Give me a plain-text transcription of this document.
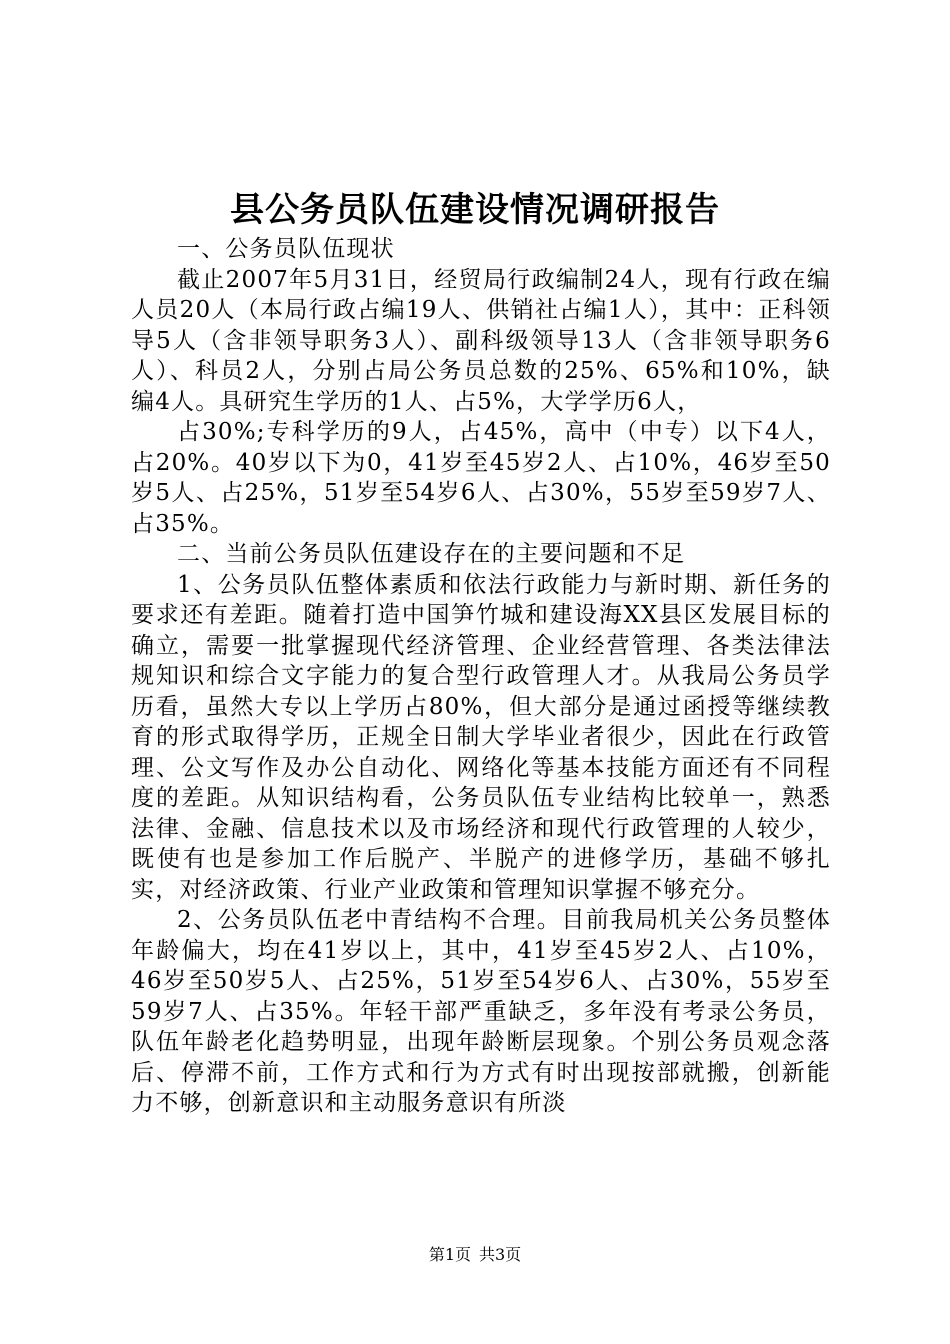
县公务员队伍建设情况调研报告

一、公务员队伍现状

截止2007年5月31日，经贸局行政编制24人，现有行政在编人员20人（本局行政占编19人、供销社占编1人），其中：正科领导5人（含非领导职务3人）、副科级领导13人（含非领导职务6人）、科员2人，分别占局公务员总数的25%、65%和10%，缺编4人。具研究生学历的1人、占5%，大学学历6人，

占30%;专科学历的9人，占45%，高中（中专）以下4人，占20%。40岁以下为0，41岁至45岁2人、占10%，46岁至50岁5人、占25%，51岁至54岁6人、占30%，55岁至59岁7人、占35%。

二、当前公务员队伍建设存在的主要问题和不足

1、公务员队伍整体素质和依法行政能力与新时期、新任务的要求还有差距。随着打造中国笋竹城和建设海XX县区发展目标的确立，需要一批掌握现代经济管理、企业经营管理、各类法律法规知识和综合文字能力的复合型行政管理人才。从我局公务员学历看，虽然大专以上学历占80%，但大部分是通过函授等继续教育的形式取得学历，正规全日制大学毕业者很少，因此在行政管理、公文写作及办公自动化、网络化等基本技能方面还有不同程度的差距。从知识结构看，公务员队伍专业结构比较单一，熟悉法律、金融、信息技术以及市场经济和现代行政管理的人较少，既使有也是参加工作后脱产、半脱产的进修学历，基础不够扎实，对经济政策、行业产业政策和管理知识掌握不够充分。

2、公务员队伍老中青结构不合理。目前我局机关公务员整体年龄偏大，均在41岁以上，其中，41岁至45岁2人、占10%，46岁至50岁5人、占25%，51岁至54岁6人、占30%，55岁至59岁7人、占35%。年轻干部严重缺乏，多年没有考录公务员，队伍年龄老化趋势明显，出现年龄断层现象。个别公务员观念落后、停滞不前，工作方式和行为方式有时出现按部就搬，创新能力不够，创新意识和主动服务意识有所淡

第1页 共3页
